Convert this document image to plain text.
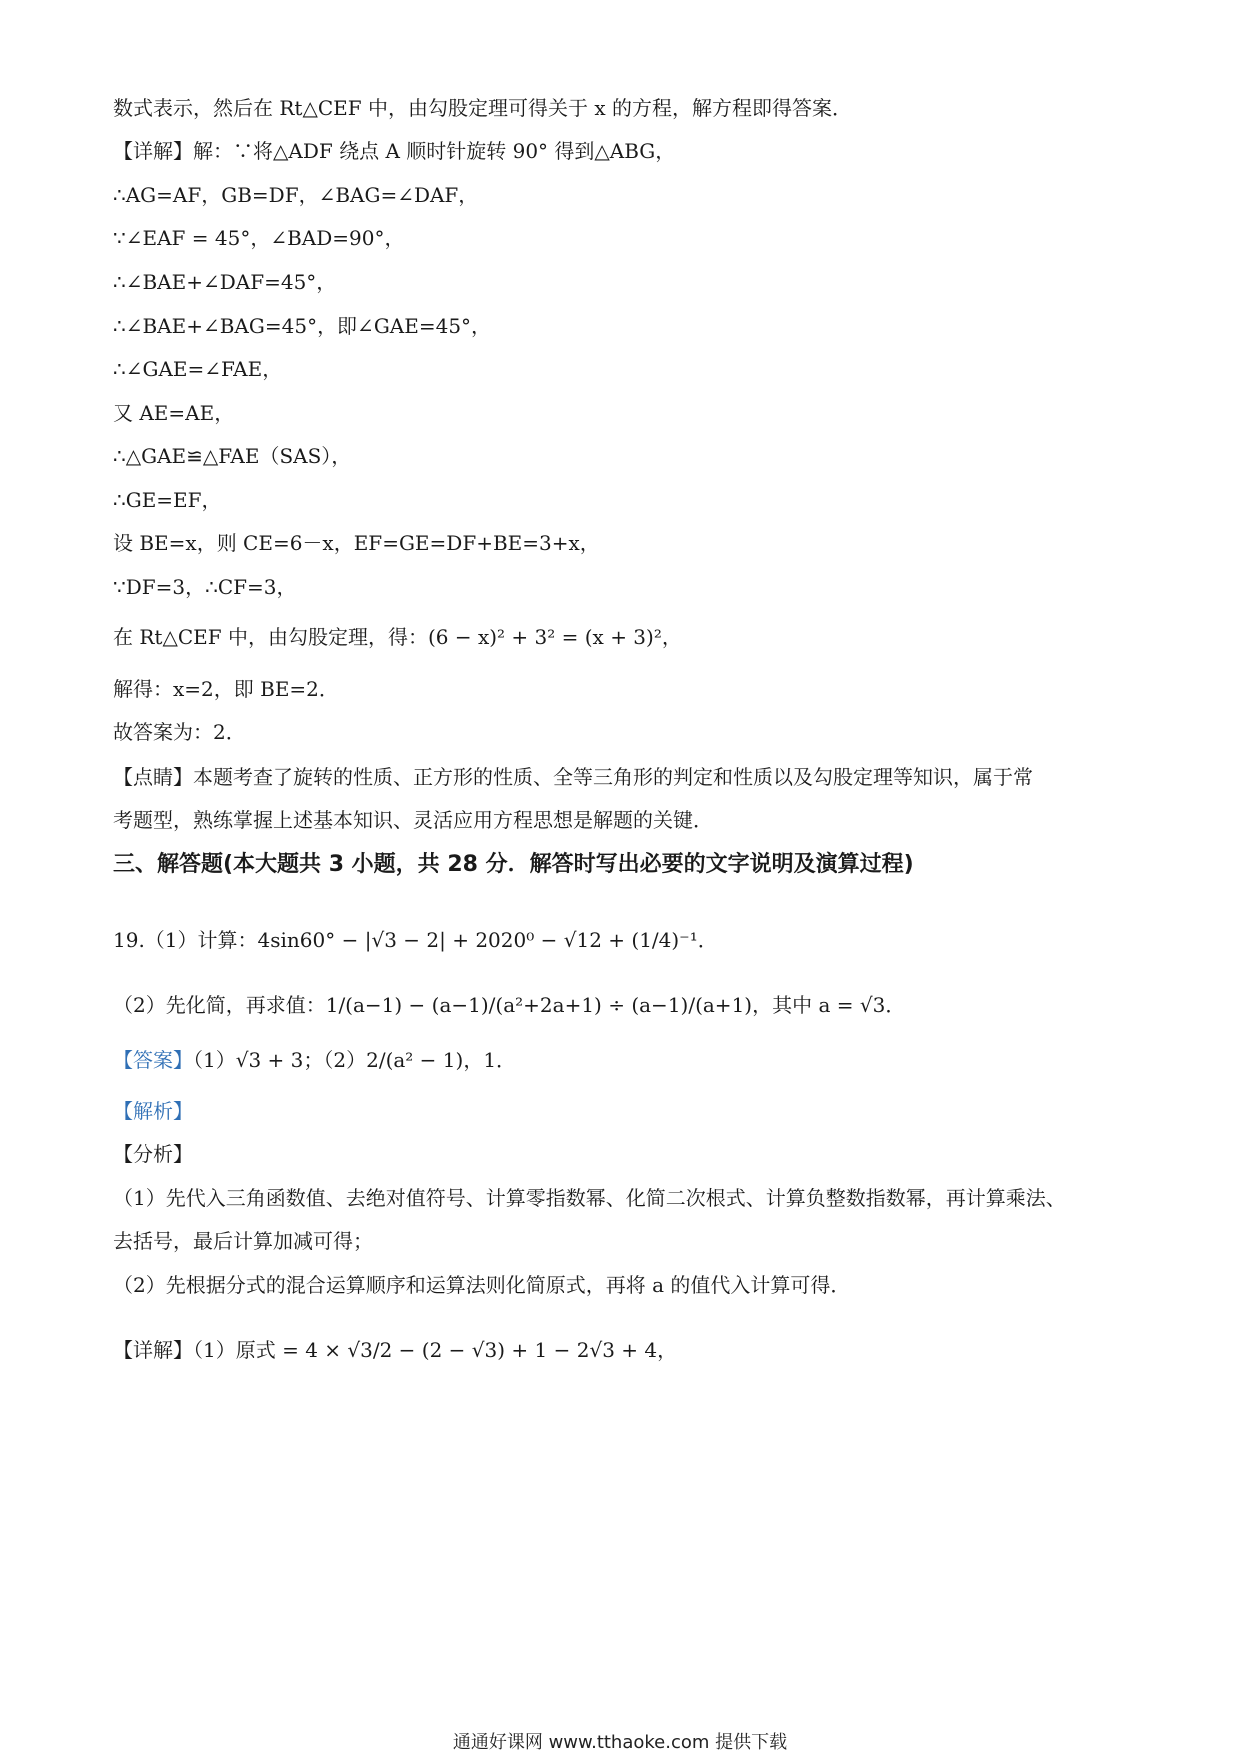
数式表示，然后在 Rt△CEF 中，由勾股定理可得关于 x 的方程，解方程即得答案．
【详解】解：∵将△ADF 绕点 A 顺时针旋转 90° 得到△ABG，
∴AG=AF，GB=DF，∠BAG=∠DAF，
∵∠EAF = 45°，∠BAD=90°，
∴∠BAE+∠DAF=45°，
∴∠BAE+∠BAG=45°，即∠GAE=45°，
∴∠GAE=∠FAE，
又 AE=AE，
∴△GAE≌△FAE（SAS），
∴GE=EF，
设 BE=x，则 CE=6－x，EF=GE=DF+BE=3+x，
∵DF=3，∴CF=3，
在 Rt△CEF 中，由勾股定理，得：(6 − x)² + 3² = (x + 3)²，
解得：x=2，即 BE=2．
故答案为：2．
【点睛】本题考查了旋转的性质、正方形的性质、全等三角形的判定和性质以及勾股定理等知识，属于常
考题型，熟练掌握上述基本知识、灵活应用方程思想是解题的关键．
三、解答题(本大题共 3 小题，共 28 分．解答时写出必要的文字说明及演算过程)
19.（1）计算：4sin60° − |√3 − 2| + 2020⁰ − √12 + (1/4)⁻¹．
（2）先化简，再求值：1/(a−1) − (a−1)/(a²+2a+1) ÷ (a−1)/(a+1)，其中 a = √3．
【答案】（1）√3 + 3；（2）2/(a² − 1)，1．
【解析】
【分析】
（1）先代入三角函数值、去绝对值符号、计算零指数幂、化简二次根式、计算负整数指数幂，再计算乘法、
去括号，最后计算加减可得；
（2）先根据分式的混合运算顺序和运算法则化简原式，再将 a 的值代入计算可得．
【详解】（1）原式 = 4 × √3/2 − (2 − √3) + 1 − 2√3 + 4，
通通好课网 www.tthaoke.com 提供下载
